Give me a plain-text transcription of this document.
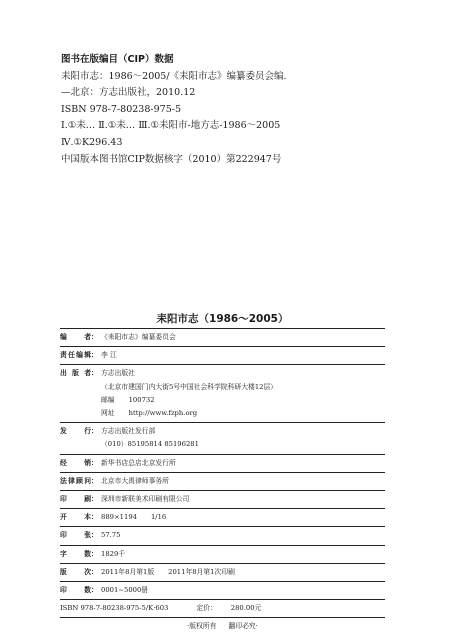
图书在版编目（CIP）数据
耒阳市志：1986～2005/《耒阳市志》编纂委员会编.
—北京：方志出版社，2010.12
ISBN 978-7-80238-975-5
Ⅰ.①耒… Ⅱ.①耒… Ⅲ.①耒阳市-地方志-1986～2005
Ⅳ.①K296.43
中国版本图书馆CIP数据核字（2010）第222947号
耒阳市志（1986～2005）
编者 ： 《耒阳市志》编纂委员会
责任编辑 ： 李 江
出版者 ： 方志出版社
（北京市建国门内大街5号中国社会科学院科研大楼12层）
邮编 100732
网址 http://www.fzph.org
发行 ： 方志出版社发行部
（010）85195814 85196281
经销 ： 新华书店总店北京发行所
法律顾问 ： 北京市大禹律师事务所
印刷 ： 深圳市新联美术印刷有限公司
开本 ： 889×1194 1/16
印张 ： 57.75
字数 ： 1829千
版次 ： 2011年8月第1版 2011年8月第1次印刷
印数 ： 0001~5000册
ISBN 978-7-80238-975-5/K·603	定价： 280.00元
·版权所有 翻印必究·
